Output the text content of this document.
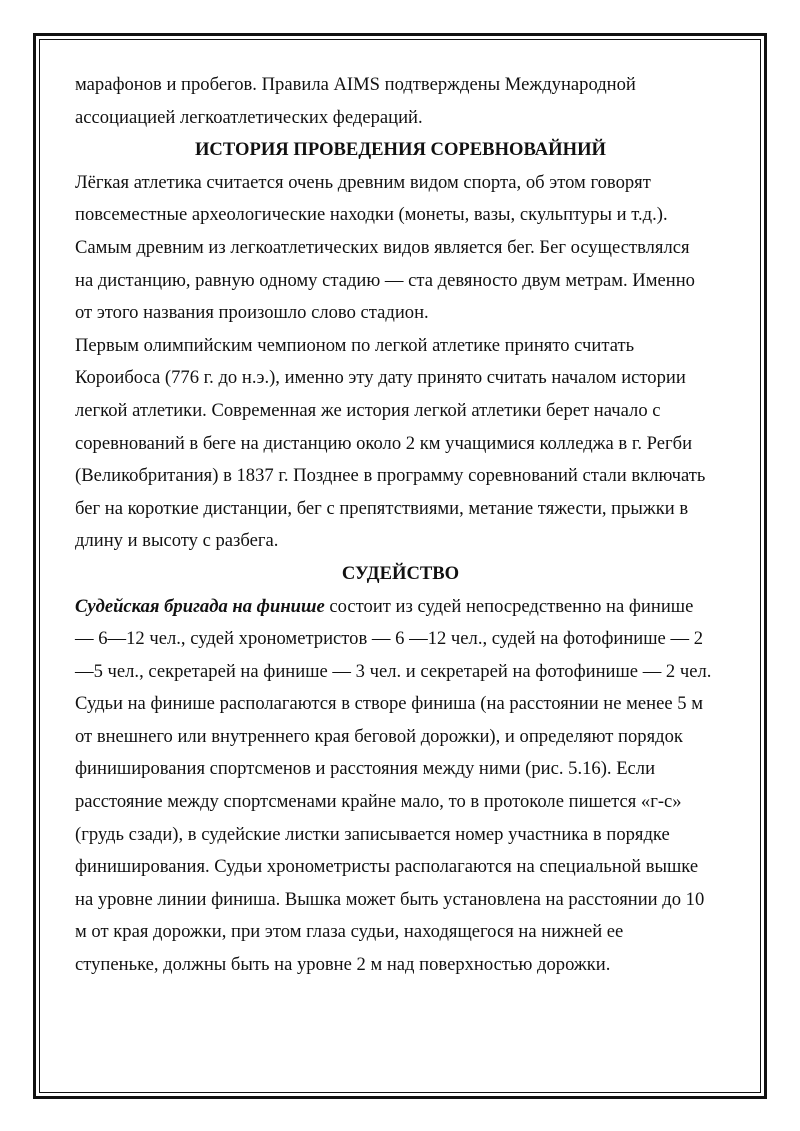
марафонов и пробегов. Правила AIMS подтверждены Международной
ассоциацией легкоатлетических федераций.

ИСТОРИЯ ПРОВЕДЕНИЯ СОРЕВНОВАЙНИЙ

Лёгкая атлетика считается очень древним видом спорта, об этом говорят
повсеместные археологические находки (монеты, вазы, скульптуры и т.д.).
Самым древним из легкоатлетических видов является бег. Бег осуществлялся
на дистанцию, равную одному стадию — ста девяносто двум метрам. Именно
от этого названия произошло слово стадион.

Первым олимпийским чемпионом по легкой атлетике принято считать
Короибоса (776 г. до н.э.), именно эту дату принято считать началом истории
легкой атлетики. Современная же история легкой атлетики берет начало с
соревнований в беге на дистанцию около 2 км учащимися колледжа в г. Регби
(Великобритания) в 1837 г. Позднее в программу соревнований стали включать
бег на короткие дистанции, бег с препятствиями, метание тяжести, прыжки в
длину и высоту с разбега.

СУДЕЙСТВО

Судейская бригада на финише состоит из судей непосредственно на финише
— 6—12 чел., судей хронометристов — 6 —12 чел., судей на фотофинише — 2
—5 чел., секретарей на финише — 3 чел. и секретарей на фотофинише — 2 чел.
Судьи на финише располагаются в створе финиша (на расстоянии не менее 5 м
от внешнего или внутреннего края беговой дорожки), и определяют порядок
финиширования спортсменов и расстояния между ними (рис. 5.16). Если
расстояние между спортсменами крайне мало, то в протоколе пишется «г-с»
(грудь сзади), в судейские листки записывается номер участника в порядке
финиширования. Судьи хронометристы располагаются на специальной вышке
на уровне линии финиша. Вышка может быть установлена на расстоянии до 10
м от края дорожки, при этом глаза судьи, находящегося на нижней ее
ступеньке, должны быть на уровне 2 м над поверхностью дорожки.
